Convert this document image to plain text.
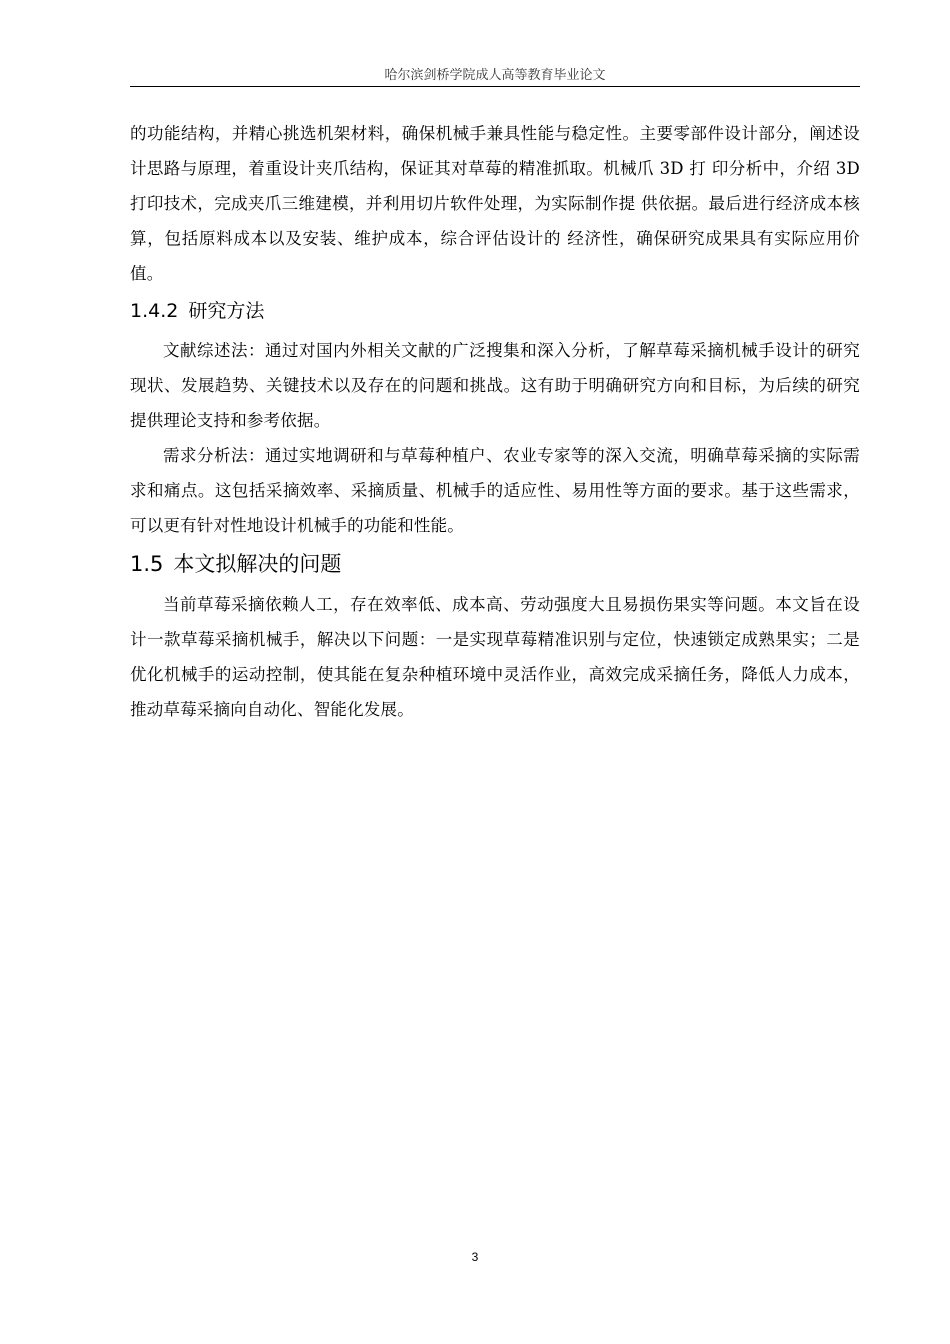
哈尔滨剑桥学院成人高等教育毕业论文

的功能结构，并精心挑选机架材料，确保机械手兼具性能与稳定性。主要零部件设计部分，阐述设计思路与原理，着重设计夹爪结构，保证其对草莓的精准抓取。机械爪 3D 打 印分析中，介绍 3D 打印技术，完成夹爪三维建模，并利用切片软件处理，为实际制作提 供依据。最后进行经济成本核算，包括原料成本以及安装、维护成本，综合评估设计的 经济性，确保研究成果具有实际应用价值。

1.4.2 研究方法

文献综述法：通过对国内外相关文献的广泛搜集和深入分析，了解草莓采摘机械手设计的研究现状、发展趋势、关键技术以及存在的问题和挑战。这有助于明确研究方向和目标，为后续的研究提供理论支持和参考依据。

需求分析法：通过实地调研和与草莓种植户、农业专家等的深入交流，明确草莓采摘的实际需求和痛点。这包括采摘效率、采摘质量、机械手的适应性、易用性等方面的要求。基于这些需求，可以更有针对性地设计机械手的功能和性能。

1.5 本文拟解决的问题

当前草莓采摘依赖人工，存在效率低、成本高、劳动强度大且易损伤果实等问题。本文旨在设计一款草莓采摘机械手，解决以下问题：一是实现草莓精准识别与定位，快速锁定成熟果实；二是优化机械手的运动控制，使其能在复杂种植环境中灵活作业，高效完成采摘任务，降低人力成本，推动草莓采摘向自动化、智能化发展。

3
